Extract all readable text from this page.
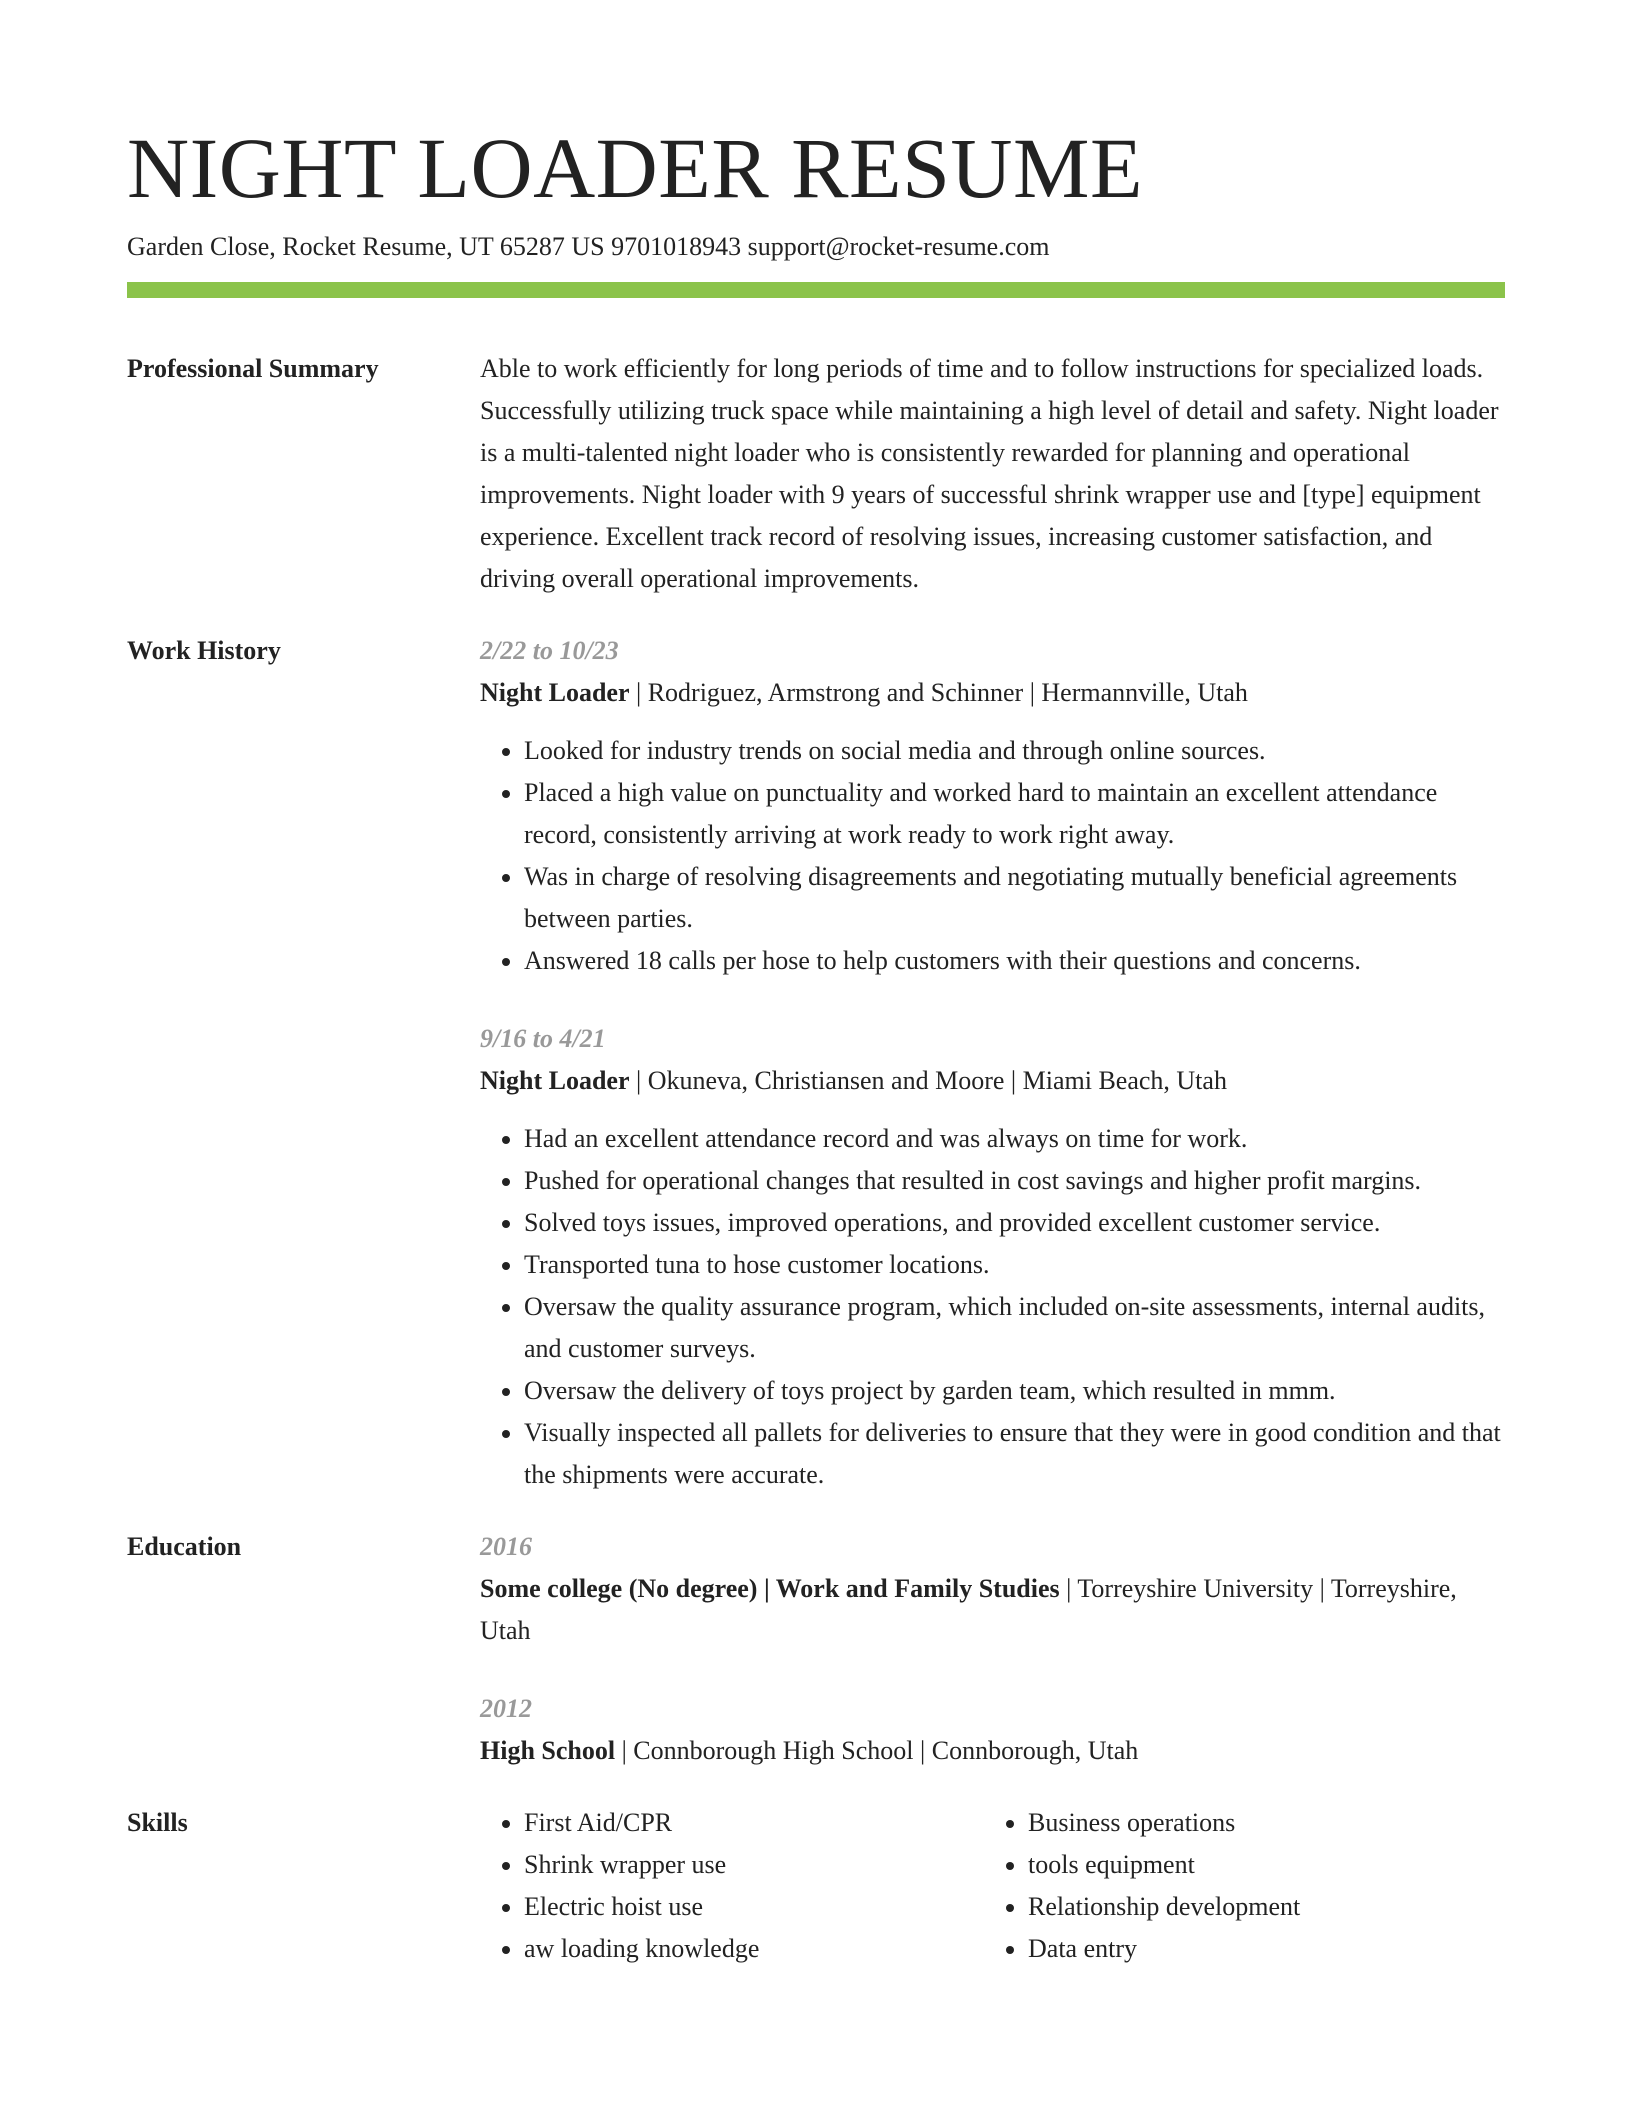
NIGHT LOADER RESUME
Garden Close, Rocket Resume, UT 65287 US 9701018943 support@rocket-resume.com
Professional Summary	Able to work efficiently for long periods of time and to follow instructions for specialized loads. Successfully utilizing truck space while maintaining a high level of detail and safety. Night loader is a multi-talented night loader who is consistently rewarded for planning and operational improvements. Night loader with 9 years of successful shrink wrapper use and [type] equipment experience. Excellent track record of resolving issues, increasing customer satisfaction, and driving overall operational improvements.
Work History	2/22 to 10/23
Night Loader | Rodriguez, Armstrong and Schinner | Hermannville, Utah
• Looked for industry trends on social media and through online sources.
• Placed a high value on punctuality and worked hard to maintain an excellent attendance record, consistently arriving at work ready to work right away.
• Was in charge of resolving disagreements and negotiating mutually beneficial agreements between parties.
• Answered 18 calls per hose to help customers with their questions and concerns.
9/16 to 4/21
Night Loader | Okuneva, Christiansen and Moore | Miami Beach, Utah
• Had an excellent attendance record and was always on time for work.
• Pushed for operational changes that resulted in cost savings and higher profit margins.
• Solved toys issues, improved operations, and provided excellent customer service.
• Transported tuna to hose customer locations.
• Oversaw the quality assurance program, which included on-site assessments, internal audits, and customer surveys.
• Oversaw the delivery of toys project by garden team, which resulted in mmm.
• Visually inspected all pallets for deliveries to ensure that they were in good condition and that the shipments were accurate.
Education	2016
Some college (No degree) | Work and Family Studies | Torreyshire University | Torreyshire, Utah
2012
High School | Connborough High School | Connborough, Utah
Skills
•	First Aid/CPR
• Shrink wrapper use
• Electric hoist use
• aw loading knowledge
• Business operations
• tools equipment
• Relationship development
• Data entry
